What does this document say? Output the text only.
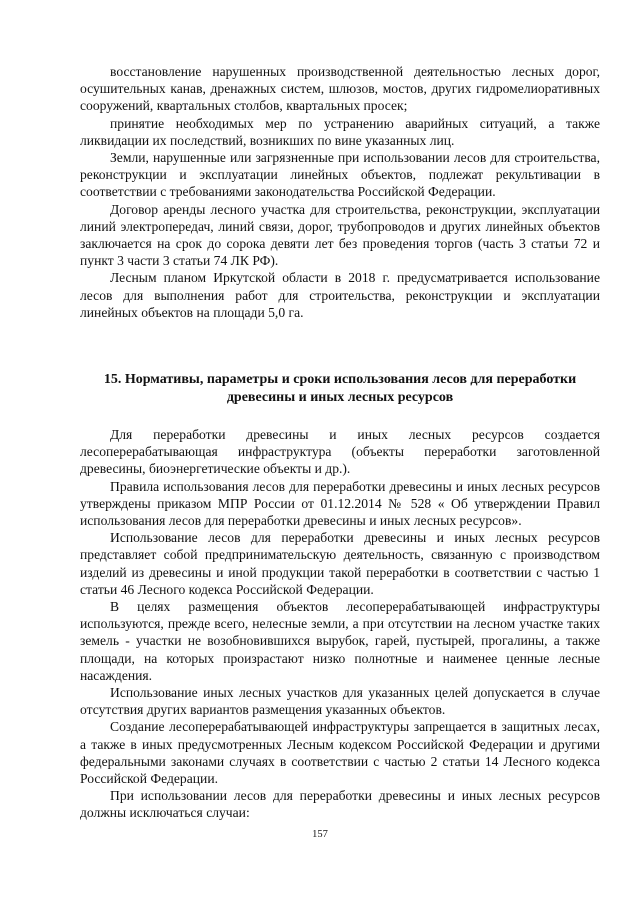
восстановление нарушенных производственной деятельностью лесных дорог, осушительных канав, дренажных систем, шлюзов, мостов, других гидромелиоративных сооружений, квартальных столбов, квартальных просек;

принятие необходимых мер по устранению аварийных ситуаций, а также ликвидации их последствий, возникших по вине указанных лиц.

Земли, нарушенные или загрязненные при использовании лесов для строительства, реконструкции и эксплуатации линейных объектов, подлежат рекультивации в соответствии с требованиями законодательства Российской Федерации.

Договор аренды лесного участка для строительства, реконструкции, эксплуатации линий электропередач, линий связи, дорог, трубопроводов и других линейных объектов заключается на срок до сорока девяти лет без проведения торгов (часть 3 статьи 72 и пункт 3 части 3 статьи 74 ЛК РФ).

Лесным планом Иркутской области в 2018 г. предусматривается использование лесов для выполнения работ для строительства, реконструкции и эксплуатации линейных объектов на площади 5,0 га.

15. Нормативы, параметры и сроки использования лесов для переработки древесины и иных лесных ресурсов

Для переработки древесины и иных лесных ресурсов создается лесоперерабатывающая инфраструктура (объекты переработки заготовленной древесины, биоэнергетические объекты и др.).

Правила использования лесов для переработки древесины и иных лесных ресурсов утверждены приказом МПР России от 01.12.2014 № 528 « Об утверждении Правил использования лесов для переработки древесины и иных лесных ресурсов».

Использование лесов для переработки древесины и иных лесных ресурсов представляет собой предпринимательскую деятельность, связанную с производством изделий из древесины и иной продукции такой переработки в соответствии с частью 1 статьи 46 Лесного кодекса Российской Федерации.

В целях размещения объектов лесоперерабатывающей инфраструктуры используются, прежде всего, нелесные земли, а при отсутствии на лесном участке таких земель - участки не возобновившихся вырубок, гарей, пустырей, прогалины, а также площади, на которых произрастают низко полнотные и наименее ценные лесные насаждения.

Использование иных лесных участков для указанных целей допускается в случае отсутствия других вариантов размещения указанных объектов.

Создание лесоперерабатывающей инфраструктуры запрещается в защитных лесах, а также в иных предусмотренных Лесным кодексом Российской Федерации и другими федеральными законами случаях в соответствии с частью 2 статьи 14 Лесного кодекса Российской Федерации.

При использовании лесов для переработки древесины и иных лесных ресурсов должны исключаться случаи:

157
